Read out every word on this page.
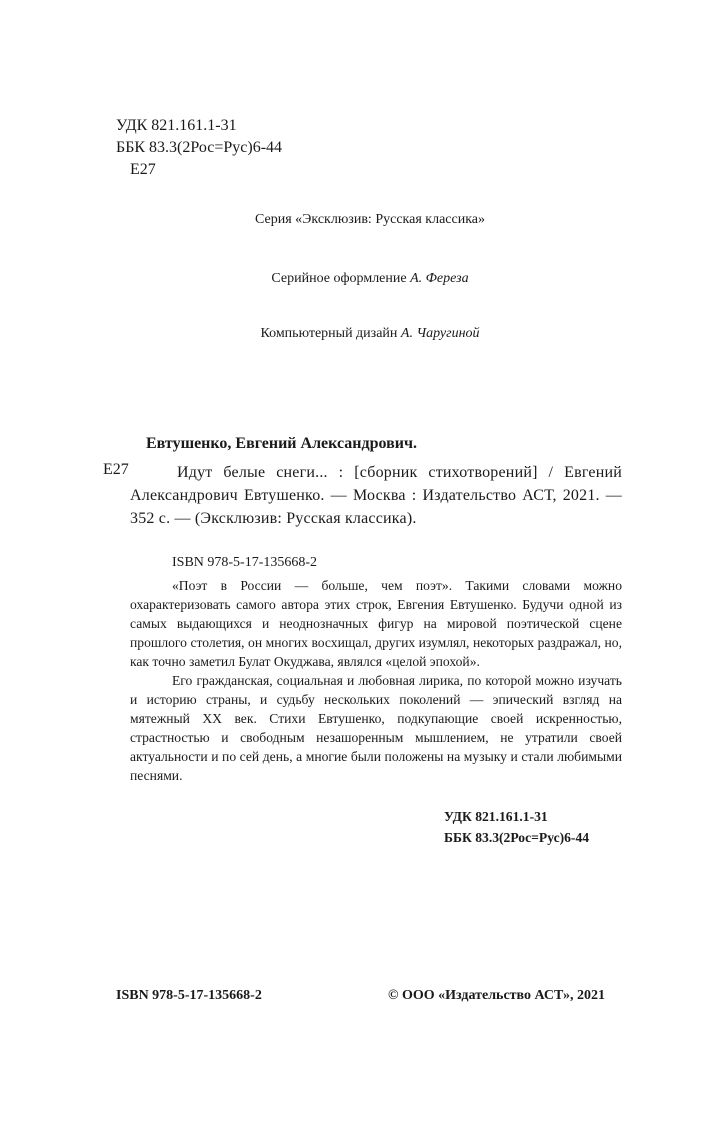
УДК 821.161.1-31
ББК 83.3(2Рос=Рус)6-44
Е27
Серия «Эксклюзив: Русская классика»
Серийное оформление А. Фереза
Компьютерный дизайн А. Чаругиной
Евтушенко, Евгений Александрович.
Е27	Идут белые снеги... : [сборник стихотворений] / Евгений Александрович Евтушенко. — Москва : Издательство АСТ, 2021. — 352 с. — (Эксклюзив: Русская классика).
ISBN 978-5-17-135668-2

«Поэт в России — больше, чем поэт». Такими словами можно охарактеризовать самого автора этих строк, Евгения Евтушенко. Будучи одной из самых выдающихся и неоднозначных фигур на мировой поэтической сцене прошлого столетия, он многих восхищал, других изумлял, некоторых раздражал, но, как точно заметил Булат Окуджава, являлся «целой эпохой».

Его гражданская, социальная и любовная лирика, по которой можно изучать и историю страны, и судьбу нескольких поколений — эпический взгляд на мятежный XX век. Стихи Евтушенко, подкупающие своей искренностью, страстностью и свободным незашоренным мышлением, не утратили своей актуальности и по сей день, а многие были положены на музыку и стали любимыми песнями.

УДК 821.161.1-31
ББК 83.3(2Рос=Рус)6-44
ISBN 978-5-17-135668-2	© ООО «Издательство АСТ», 2021
